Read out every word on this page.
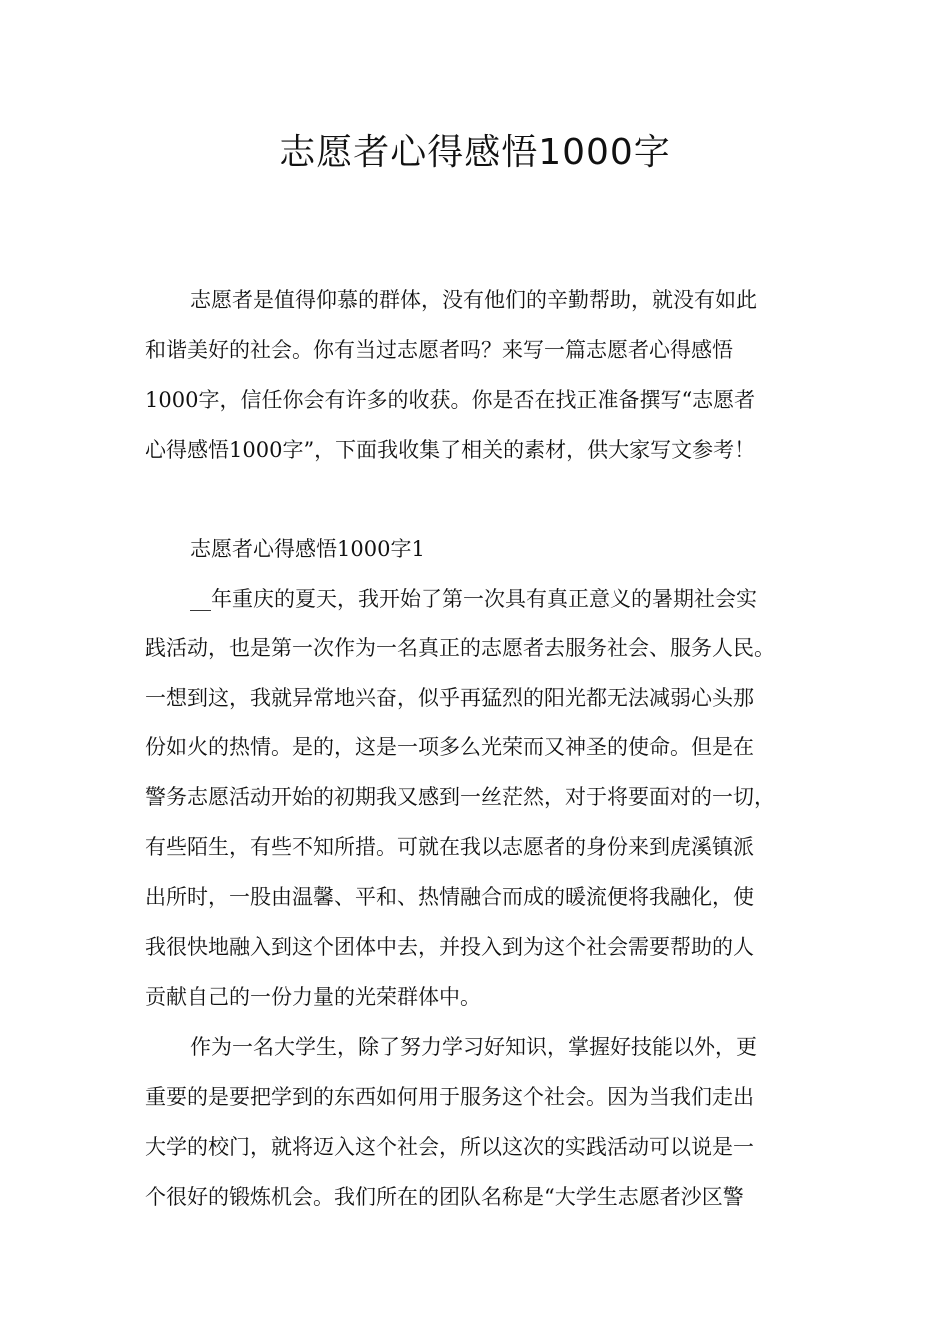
志愿者心得感悟1000字

志愿者是值得仰慕的群体，没有他们的辛勤帮助，就没有如此

和谐美好的社会。你有当过志愿者吗？来写一篇志愿者心得感悟

1000字，信任你会有许多的收获。你是否在找正准备撰写“志愿者

心得感悟1000字”，下面我收集了相关的素材，供大家写文参考！

志愿者心得感悟1000字1

__年重庆的夏天，我开始了第一次具有真正意义的暑期社会实

践活动，也是第一次作为一名真正的志愿者去服务社会、服务人民。

一想到这，我就异常地兴奋，似乎再猛烈的阳光都无法减弱心头那

份如火的热情。是的，这是一项多么光荣而又神圣的使命。但是在

警务志愿活动开始的初期我又感到一丝茫然，对于将要面对的一切，

有些陌生，有些不知所措。可就在我以志愿者的身份来到虎溪镇派

出所时，一股由温馨、平和、热情融合而成的暖流便将我融化，使

我很快地融入到这个团体中去，并投入到为这个社会需要帮助的人

贡献自己的一份力量的光荣群体中。

作为一名大学生，除了努力学习好知识，掌握好技能以外，更

重要的是要把学到的东西如何用于服务这个社会。因为当我们走出

大学的校门，就将迈入这个社会，所以这次的实践活动可以说是一

个很好的锻炼机会。我们所在的团队名称是“大学生志愿者沙区警
